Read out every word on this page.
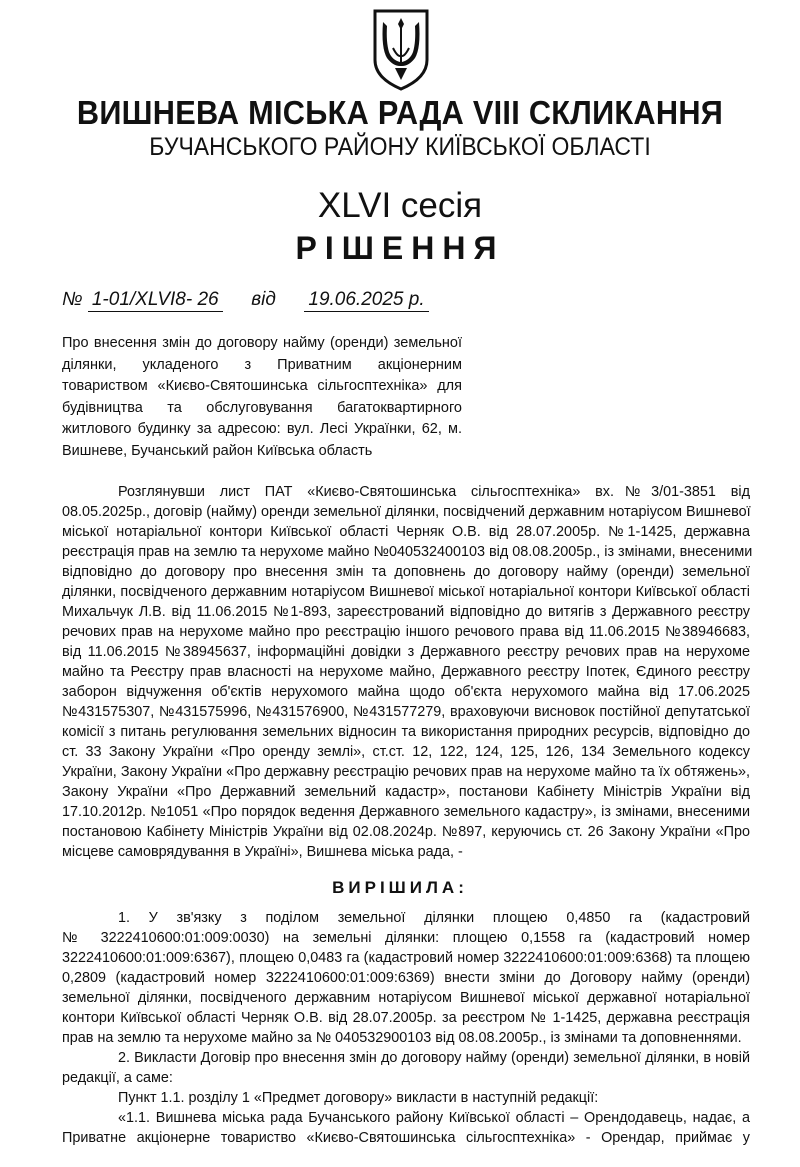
ВИШНЕВА МІСЬКА РАДА VIII СКЛИКАННЯ
БУЧАНСЬКОГО РАЙОНУ КИЇВСЬКОЇ ОБЛАСТІ
XLVI сесія
РІШЕННЯ
№ 1-01/XLVI8- 26 від 19.06.2025 р.
Про внесення змін до договору найму (оренди) земельної ділянки, укладеного з Приватним акціонерним товариством «Києво-Святошинська сільгосптехніка» для будівництва та обслуговування багатоквартирного житлового будинку за адресою: вул. Лесі Українки, 62, м. Вишневе, Бучанський район Київська область
Розглянувши лист ПАТ «Києво-Святошинська сільгосптехніка» вх.№3/01-3851 від
08.05.2025р., договір (найму) оренди земельної ділянки, посвідчений державним нотаріусом Вишневої
міської нотаріальної контори Київської області Черняк О.В. від 28.07.2005р. №1-1425, державна
реєстрація прав на землю та нерухоме майно №040532400103 від 08.08.2005р., із змінами, внесеними
відповідно до договору про внесення змін та доповнень до договору найму (оренди) земельної
ділянки, посвідченого державним нотаріусом Вишневої міської нотаріальної контори Київської області
Михальчук Л.В. від 11.06.2015 №1-893, зареєстрований відповідно до витягів з Державного реєстру
речових прав на нерухоме майно про реєстрацію іншого речового права від 11.06.2015 №38946683,
від 11.06.2015 №38945637, інформаційні довідки з Державного реєстру речових прав на нерухоме
майно та Реєстру прав власності на нерухоме майно, Державного реєстру Іпотек, Єдиного реєстру
заборон відчуження об'єктів нерухомого майна щодо об'єкта нерухомого майна від 17.06.2025
№431575307, №431575996, №431576900, №431577279, враховуючи висновок постійної депутатської
комісії з питань регулювання земельних відносин та використання природних ресурсів, відповідно до
ст. 33 Закону України «Про оренду землі», ст.ст. 12, 122, 124, 125, 126, 134 Земельного кодексу
України, Закону України «Про державну реєстрацію речових прав на нерухоме майно та їх обтяжень»,
Закону України «Про Державний земельний кадастр», постанови Кабінету Міністрів України від
17.10.2012р. №1051 «Про порядок ведення Державного земельного кадастру», із змінами, внесеними
постановою Кабінету Міністрів України від 02.08.2024р. №897, керуючись ст. 26 Закону України «Про
місцеве самоврядування в Україні», Вишнева міська рада, -
ВИРІШИЛА:
1. У зв'язку з поділом земельної ділянки площею 0,4850 га (кадастровий
№ 3222410600:01:009:0030) на земельні ділянки: площею 0,1558 га (кадастровий номер
3222410600:01:009:6367), площею 0,0483 га (кадастровий номер 3222410600:01:009:6368) та площею
0,2809 (кадастровий номер 3222410600:01:009:6369) внести зміни до Договору найму (оренди)
земельної ділянки, посвідченого державним нотаріусом Вишневої міської державної нотаріальної
контори Київської області Черняк О.В. від 28.07.2005р. за реєстром № 1-1425, державна реєстрація
прав на землю та нерухоме майно за № 040532900103 від 08.08.2005р., із змінами та доповненнями.
2. Викласти Договір про внесення змін до договору найму (оренди) земельної ділянки, в новій
редакції, а саме:
Пункт 1.1. розділу 1 «Предмет договору» викласти в наступній редакції:
«1.1. Вишнева міська рада Бучанського району Київської області – Орендодавець, надає, а
Приватне акціонерне товариство «Києво-Святошинська сільгосптехніка» - Орендар, приймає у
